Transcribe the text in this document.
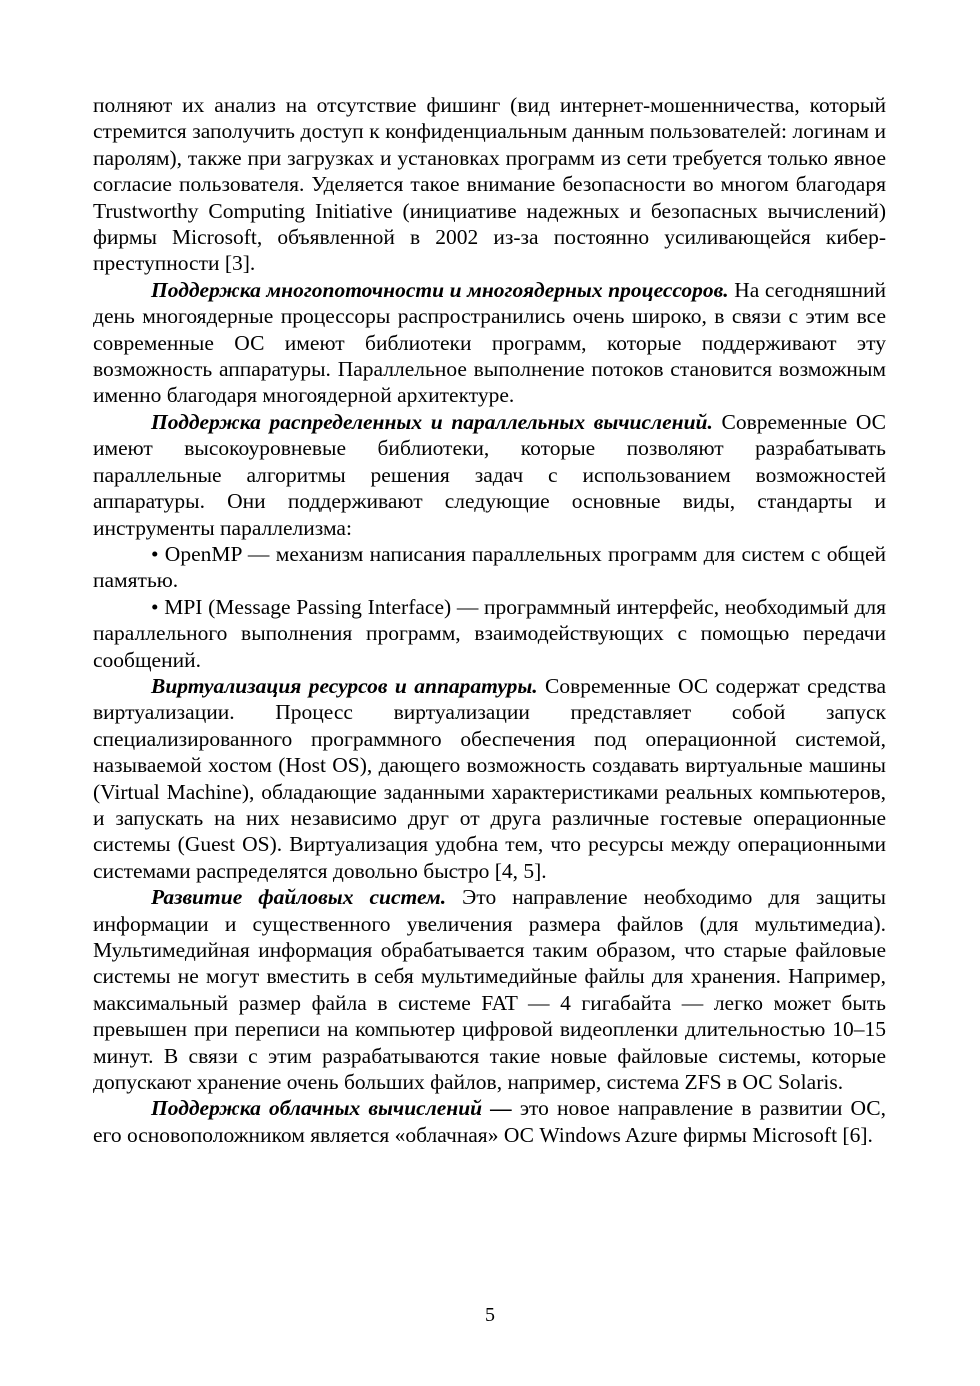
полняют их анализ на отсутствие фишинг (вид интернет-мошенничества, который стремится заполучить доступ к конфиденциальным данным пользователей: логинам и паролям), также при загрузках и установках программ из сети требуется только явное согласие пользователя. Уделяется такое внимание безопасности во многом благодаря Trustworthy Computing Initiative (инициативе надежных и безопасных вычислений) фирмы Microsoft, объявленной в 2002 из-за постоянно усиливающейся кибер-преступности [3].

Поддержка многопоточности и многоядерных процессоров. На сегодняшний день многоядерные процессоры распространились очень широко, в связи с этим все современные ОС имеют библиотеки программ, которые поддерживают эту возможность аппаратуры. Параллельное выполнение потоков становится возможным именно благодаря многоядерной архитектуре.

Поддержка распределенных и параллельных вычислений. Современные ОС имеют высокоуровневые библиотеки, которые позволяют разрабатывать параллельные алгоритмы решения задач с использованием возможностей аппаратуры. Они поддерживают следующие основные виды, стандарты и инструменты параллелизма:

• OpenMP — механизм написания параллельных программ для систем с общей памятью.

• MPI (Message Passing Interface) — программный интерфейс, необходимый для параллельного выполнения программ, взаимодействующих с помощью передачи сообщений.

Виртуализация ресурсов и аппаратуры. Современные ОС содержат средства виртуализации. Процесс виртуализации представляет собой запуск специализированного программного обеспечения под операционной системой, называемой хостом (Host OS), дающего возможность создавать виртуальные машины (Virtual Machine), обладающие заданными характеристиками реальных компьютеров, и запускать на них независимо друг от друга различные гостевые операционные системы (Guest OS). Виртуализация удобна тем, что ресурсы между операционными системами распределятся довольно быстро [4, 5].

Развитие файловых систем. Это направление необходимо для защиты информации и существенного увеличения размера файлов (для мультимедиа). Мультимедийная информация обрабатывается таким образом, что старые файловые системы не могут вместить в себя мультимедийные файлы для хранения. Например, максимальный размер файла в системе FAT — 4 гигабайта — легко может быть превышен при переписи на компьютер цифровой видеопленки длительностью 10–15 минут. В связи с этим разрабатываются такие новые файловые системы, которые допускают хранение очень больших файлов, например, система ZFS в ОС Solaris.

Поддержка облачных вычислений — это новое направление в развитии ОС, его основоположником является «облачная» ОС Windows Azure фирмы Microsoft [6].

5
